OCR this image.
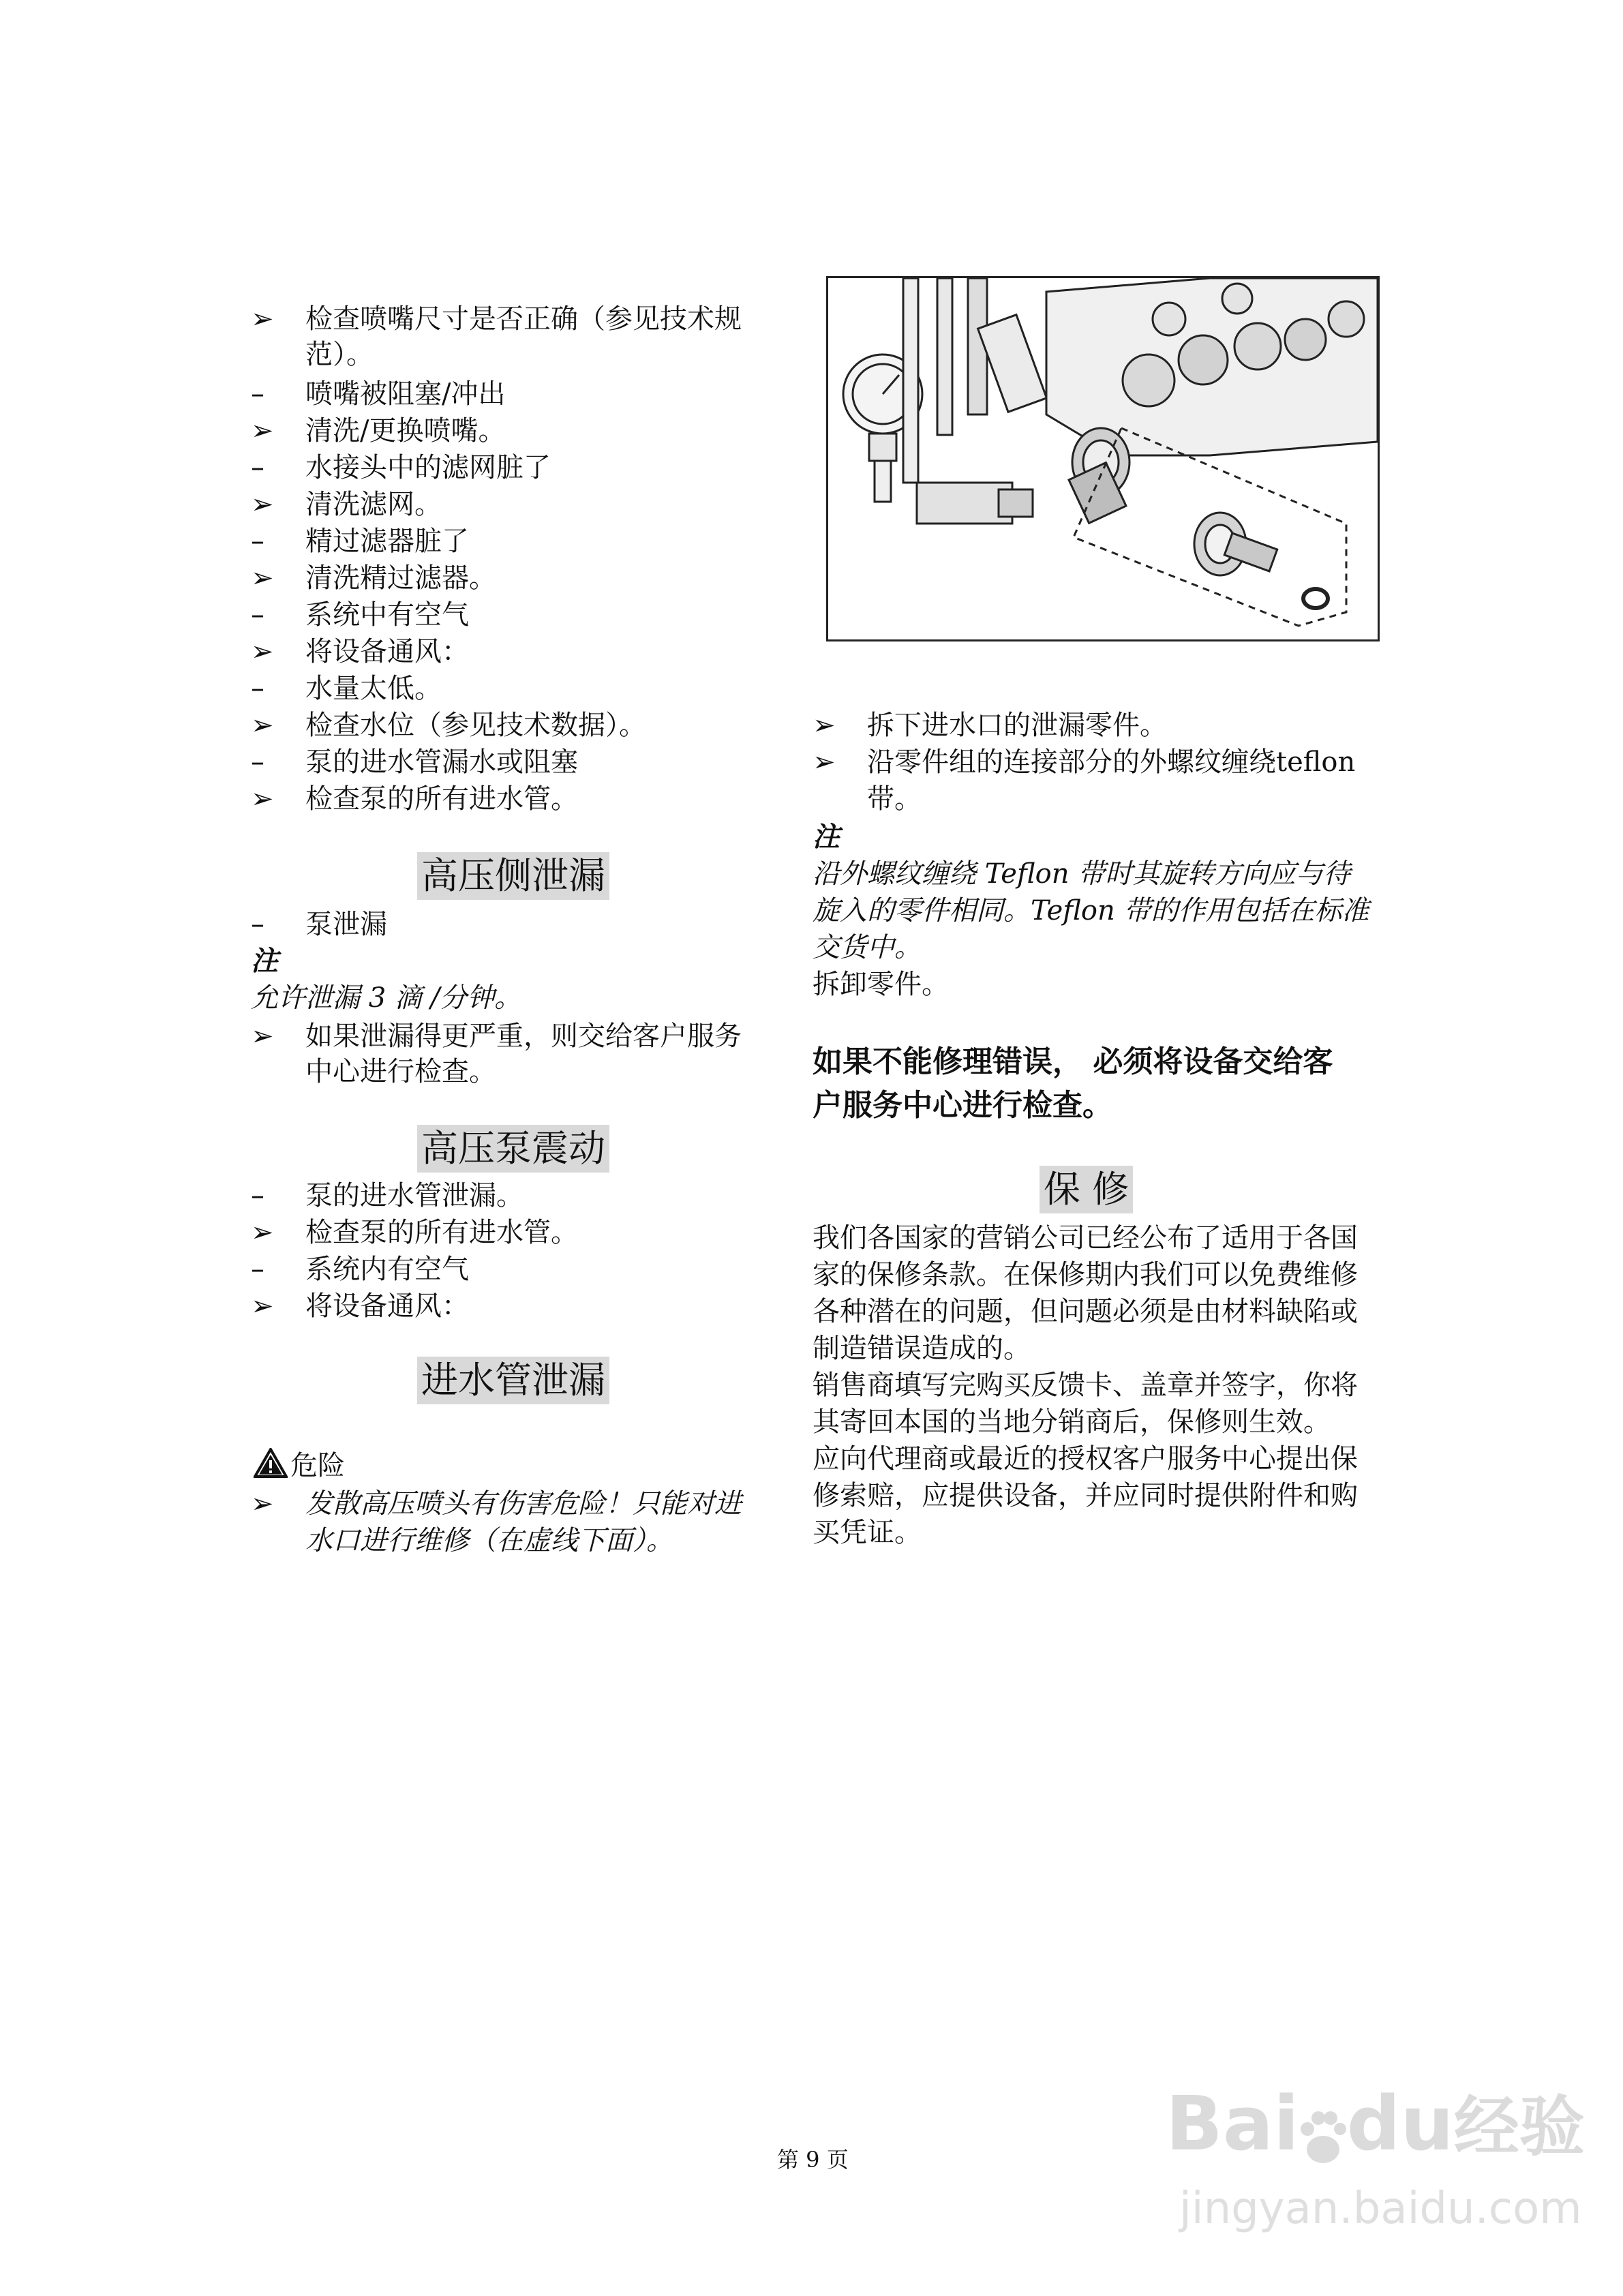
➢ 检查喷嘴尺寸是否正确（参见技术规
范）。
– 喷嘴被阻塞/冲出
➢ 清洗/更换喷嘴。
– 水接头中的滤网脏了
➢ 清洗滤网。
– 精过滤器脏了
➢ 清洗精过滤器。
– 系统中有空气
➢ 将设备通风：
– 水量太低。
➢ 检查水位（参见技术数据）。
– 泵的进水管漏水或阻塞
➢ 检查泵的所有进水管。
高压侧泄漏
– 泵泄漏
注
允许泄漏 3 滴 /分钟。
➢ 如果泄漏得更严重，则交给客户服务
中心进行检查。
高压泵震动
– 泵的进水管泄漏。
➢ 检查泵的所有进水管。
– 系统内有空气
➢ 将设备通风：
进水管泄漏
危险
➢ 发散高压喷头有伤害危险！只能对进
水口进行维修（在虚线下面）。
➢ 拆下进水口的泄漏零件。
➢ 沿零件组的连接部分的外螺纹缠绕teflon
带。
注
沿外螺纹缠绕 Teflon 带时其旋转方向应与待
旋入的零件相同。Teflon 带的作用包括在标准
交货中。
拆卸零件。
如果不能修理错误， 必须将设备交给客
户服务中心进行检查。
保 修
我们各国家的营销公司已经公布了适用于各国
家的保修条款。在保修期内我们可以免费维修
各种潜在的问题，但问题必须是由材料缺陷或
制造错误造成的。
销售商填写完购买反馈卡、盖章并签字，你将
其寄回本国的当地分销商后，保修则生效。
应向代理商或最近的授权客户服务中心提出保
修索赔，应提供设备，并应同时提供附件和购
买凭证。
第 9 页	Bai du经验
jingyan.baidu.com
